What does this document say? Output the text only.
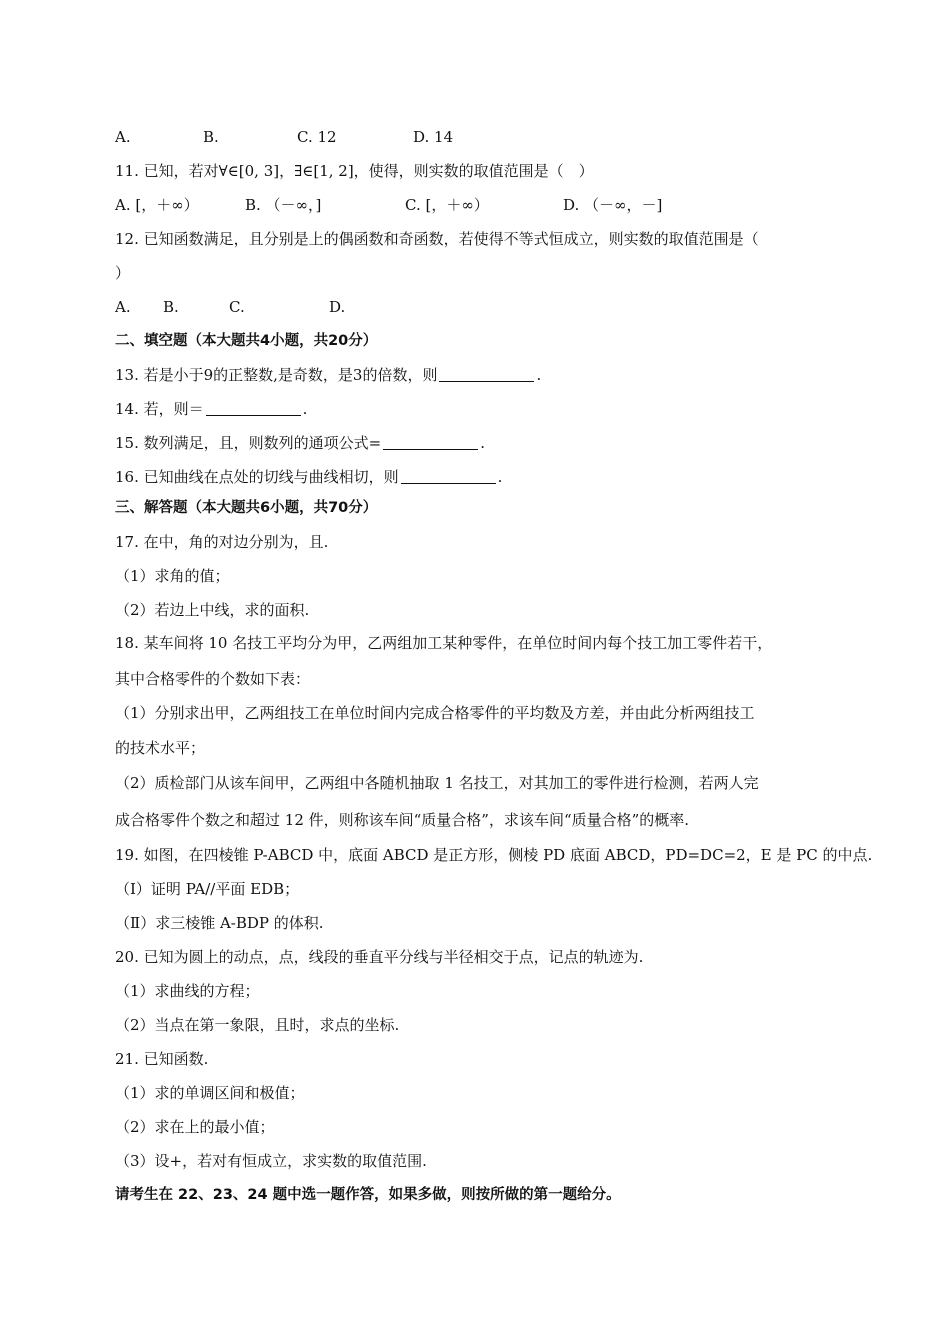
A.	B.	C. 12	D. 14
11. 已知，若对∀∈[0, 3]，∃∈[1, 2]，使得，则实数的取值范围是（　）
A. [，＋∞）	B. （－∞，]	C. [，＋∞）	D. （－∞，－]
12. 已知函数满足，且分别是上的偶函数和奇函数，若使得不等式恒成立，则实数的取值范围是（
）
A. B.	C.	D.
二、填空题（本大题共4小题，共20分）
13. 若是小于9的正整数,是奇数，是3的倍数，则	.
14. 若，则＝	.
15. 数列满足，且，则数列的通项公式=	.
16. 已知曲线在点处的切线与曲线相切，则	.
三、解答题（本大题共6小题，共70分）
17. 在中，角的对边分别为，且.
（1）求角的值；
（2）若边上中线，求的面积.
18. 某车间将 10 名技工平均分为甲，乙两组加工某种零件，在单位时间内每个技工加工零件若干，
其中合格零件的个数如下表：
（1）分别求出甲，乙两组技工在单位时间内完成合格零件的平均数及方差，并由此分析两组技工
的技术水平；
（2）质检部门从该车间甲，乙两组中各随机抽取 1 名技工，对其加工的零件进行检测，若两人完
成合格零件个数之和超过 12 件，则称该车间“质量合格”，求该车间“质量合格”的概率.
19. 如图，在四棱锥 P-ABCD 中，底面 ABCD 是正方形，侧棱 PD 底面 ABCD，PD=DC=2，E 是 PC 的中点.
（Ⅰ）证明 PA//平面 EDB；
（Ⅱ）求三棱锥 A-BDP 的体积.
20. 已知为圆上的动点，点，线段的垂直平分线与半径相交于点，记点的轨迹为.
（1）求曲线的方程；
（2）当点在第一象限，且时，求点的坐标.
21. 已知函数.
（1）求的单调区间和极值；
（2）求在上的最小值；
（3）设+，若对有恒成立，求实数的取值范围.
请考生在 22、23、24 题中选一题作答，如果多做，则按所做的第一题给分。
